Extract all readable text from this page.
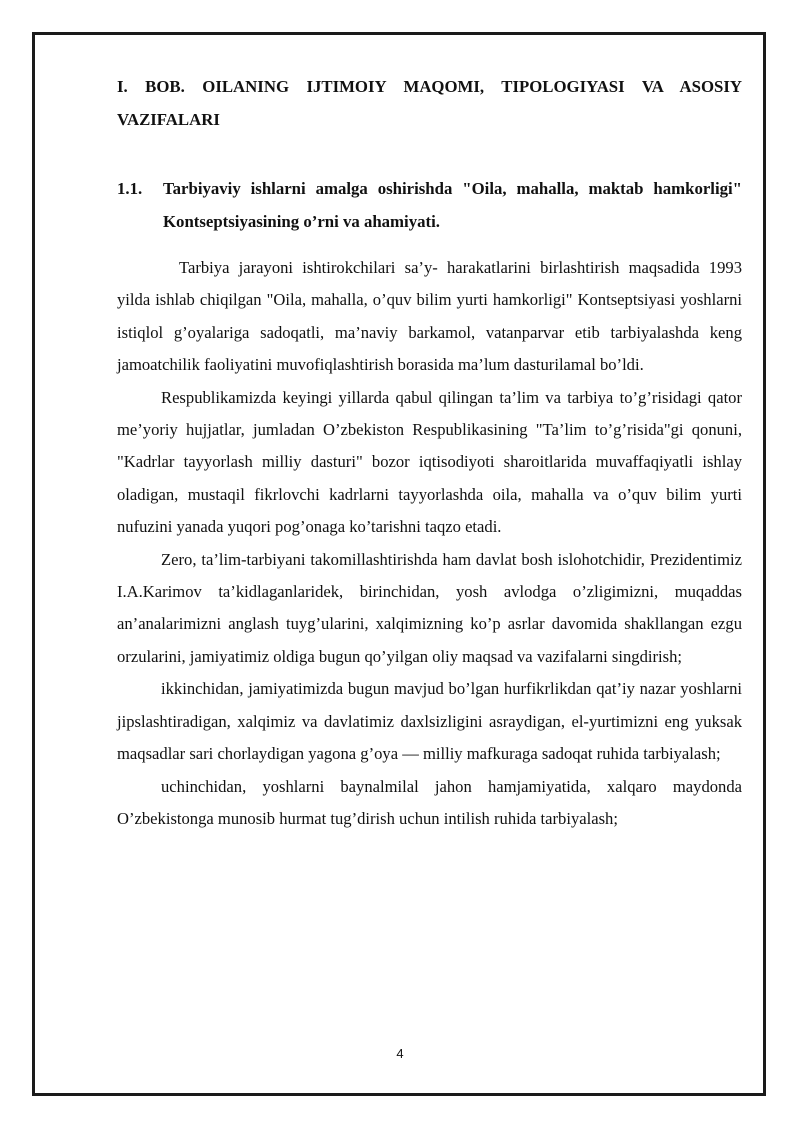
I. BOB. OILANING IJTIMOIY MAQOMI, TIPOLOGIYASI VA ASOSIY VAZIFALARI
1.1.	Tarbiyaviy ishlarni amalga oshirishda "Oila, mahalla, maktab hamkorligi" Kontseptsiyasining o’rni va ahamiyati.

Tarbiya jarayoni ishtirokchilari sa’y- harakatlarini birlashtirish maqsadida 1993 yilda ishlab chiqilgan "Oila, mahalla, o’quv bilim yurti hamkorligi" Kontseptsiyasi yoshlarni istiqlol g’oyalariga sadoqatli, ma’naviy barkamol, vatanparvar etib tarbiyalashda keng jamoatchilik faoliyatini muvofiqlashtirish borasida ma’lum dasturilamal bo’ldi.

Respublikamizda keyingi yillarda qabul qilingan ta’lim va tarbiya to’g’risidagi qator me’yoriy hujjatlar, jumladan O’zbekiston Respublikasining "Ta’lim to’g’risida"gi qonuni, "Kadrlar tayyorlash milliy dasturi" bozor iqtisodiyoti sharoitlarida muvaffaqiyatli ishlay oladigan, mustaqil fikrlovchi kadrlarni tayyorlashda oila, mahalla va o’quv bilim yurti nufuzini yanada yuqori pog’onaga ko’tarishni taqzo etadi.

Zero, ta’lim-tarbiyani takomillashtirishda ham davlat bosh islohotchidir, Prezidentimiz I.A.Karimov ta’kidlaganlaridek, birinchidan, yosh avlodga o’zligimizni, muqaddas an’analarimizni anglash tuyg’ularini, xalqimizning ko’p asrlar davomida shakllangan ezgu orzularini, jamiyatimiz oldiga bugun qo’yilgan oliy maqsad va vazifalarni singdirish;

ikkinchidan, jamiyatimizda bugun mavjud bo’lgan hurfikrlikdan qat’iy nazar yoshlarni jipslashtiradigan, xalqimiz va davlatimiz daxlsizligini asraydigan, el-yurtimizni eng yuksak maqsadlar sari chorlaydigan yagona g’oya — milliy mafkuraga sadoqat ruhida tarbiyalash;

uchinchidan, yoshlarni baynalmilal jahon hamjamiyatida, xalqaro maydonda O’zbekistonga munosib hurmat tug’dirish uchun intilish ruhida tarbiyalash;

4
